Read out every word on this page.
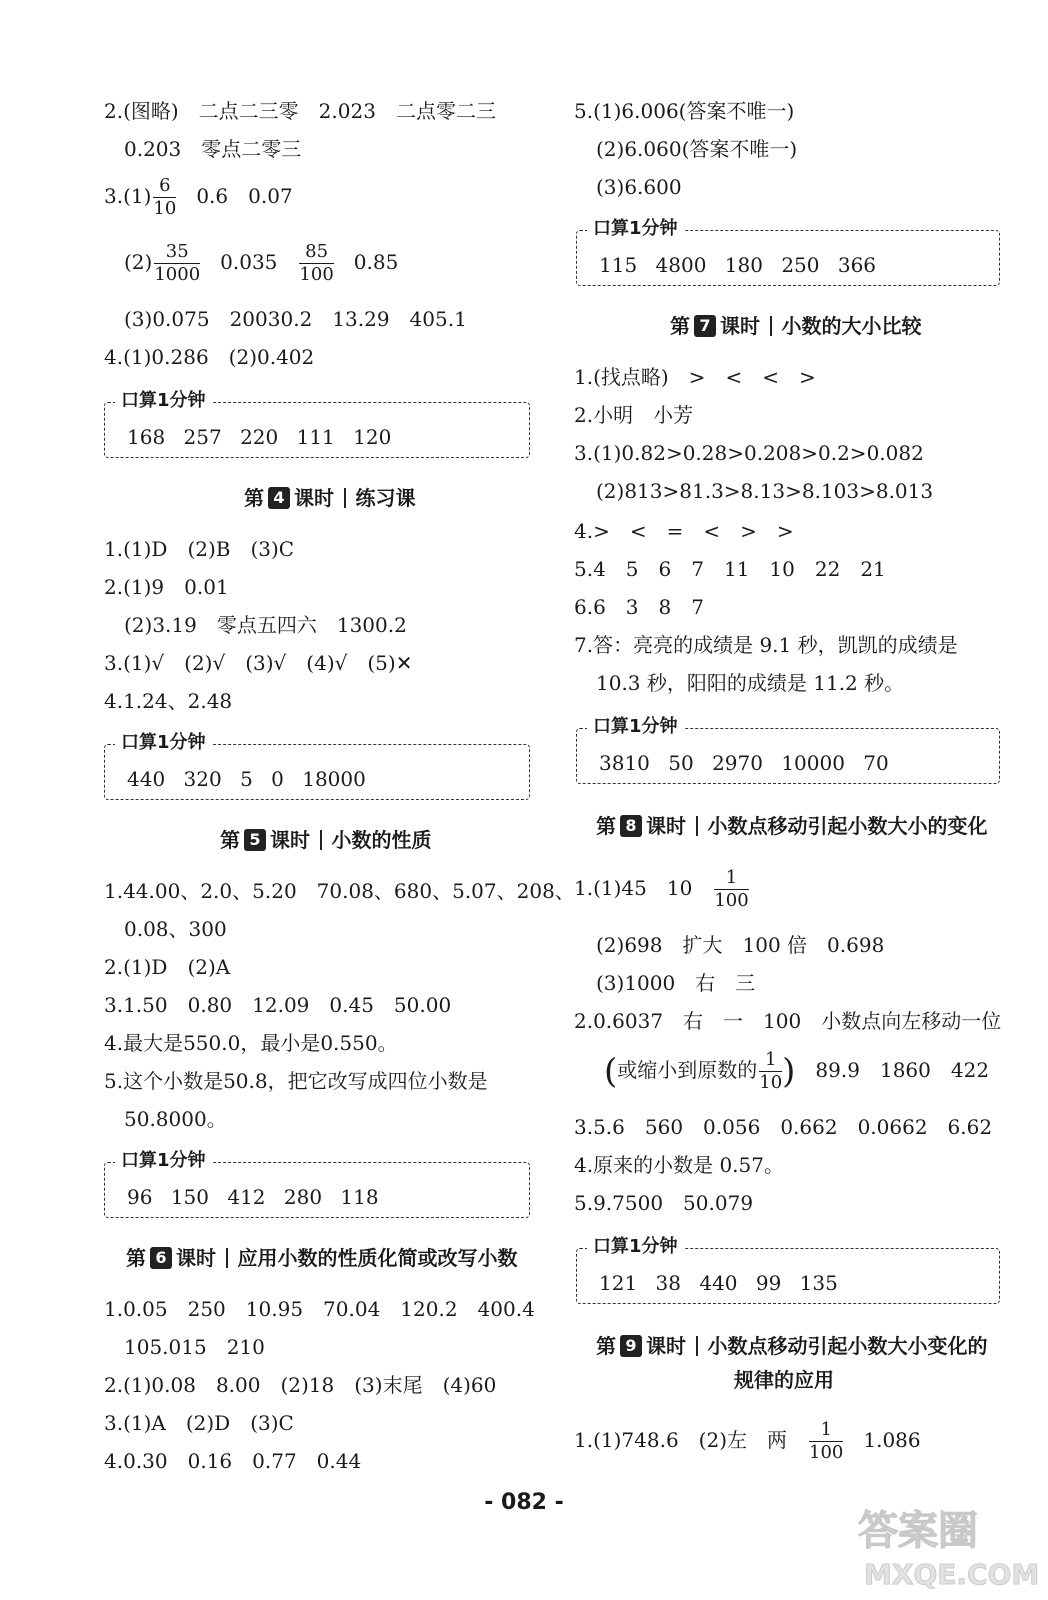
2.(图略)　二点二三零　2.023　二点零二三
0.203　零点二零三
$3.(1) \frac{6}{10}$ 　0.6　0.07
$(2) \frac{35}{1000}$ 　0.035　 $\frac{85}{100}$ 　0.85
(3)0.075　20030.2　13.29　405.1
4.(1)0.286　(2)0.402
口算1分钟
168 257 220 111 120
第 4 课时 练习课
1.(1)D　(2)B　(3)C
2.(1)9　0.01
(2)3.19　零点五四六　1300.2
3.(1)√　(2)√　(3)√　(4)√　(5)✕
4.1.24、2.48
口算1分钟
440 320 5 0 18000
第 5 课时 小数的性质
1.44.00、2.0、5.20　70.08、680、5.07、208、
0.08、300
2.(1)D　(2)A
3.1.50　0.80　12.09　0.45　50.00
4.最大是550.0，最小是0.550。
5.这个小数是50.8，把它改写成四位小数是
50.8000。
口算1分钟
96 150 412 280 118
第 6 课时 应用小数的性质化简或改写小数
1.0.05　250　10.95　70.04　120.2　400.4
105.015　210
2.(1)0.08　8.00　(2)18　(3)末尾　(4)60
3.(1)A　(2)D　(3)C
4.0.30　0.16　0.77　0.44
5.(1)6.006(答案不唯一)
(2)6.060(答案不唯一)
(3)6.600
口算1分钟
115 4800 180 250 366
第 7 课时 小数的大小比较
1.(找点略)　>　<　<　>
2.小明　小芳
3.(1)0.82>0.28>0.208>0.2>0.082
(2)813>81.3>8.13>8.103>8.013
4.>　<　=　<　>　>
5.4　5　6　7　11　10　22　21
6.6　3　8　7
7.答：亮亮的成绩是 9.1 秒，凯凯的成绩是
10.3 秒，阳阳的成绩是 11.2 秒。
口算1分钟
3810 50 2970 10000 70
第 8 课时 小数点移动引起小数大小的变化
1.(1)45　10　 $\frac{1}{100}$
(2)698　扩大　100 倍　0.698
(3)1000　右　三
2.0.6037　右　一　100　小数点向左移动一位
(或缩小到原数的 $\frac{1}{10}$ )　89.9　1860　422
3.5.6　560　0.056　0.662　0.0662　6.62
4.原来的小数是 0.57。
5.9.7500　50.079
口算1分钟
121 38 440 99 135
第 9 课时 小数点移动引起小数大小变化的
规律的应用
1.(1)748.6　(2)左　两　 $\frac{1}{100}$ 　1.086
- 082 -
答案圈
MXQE.COM
